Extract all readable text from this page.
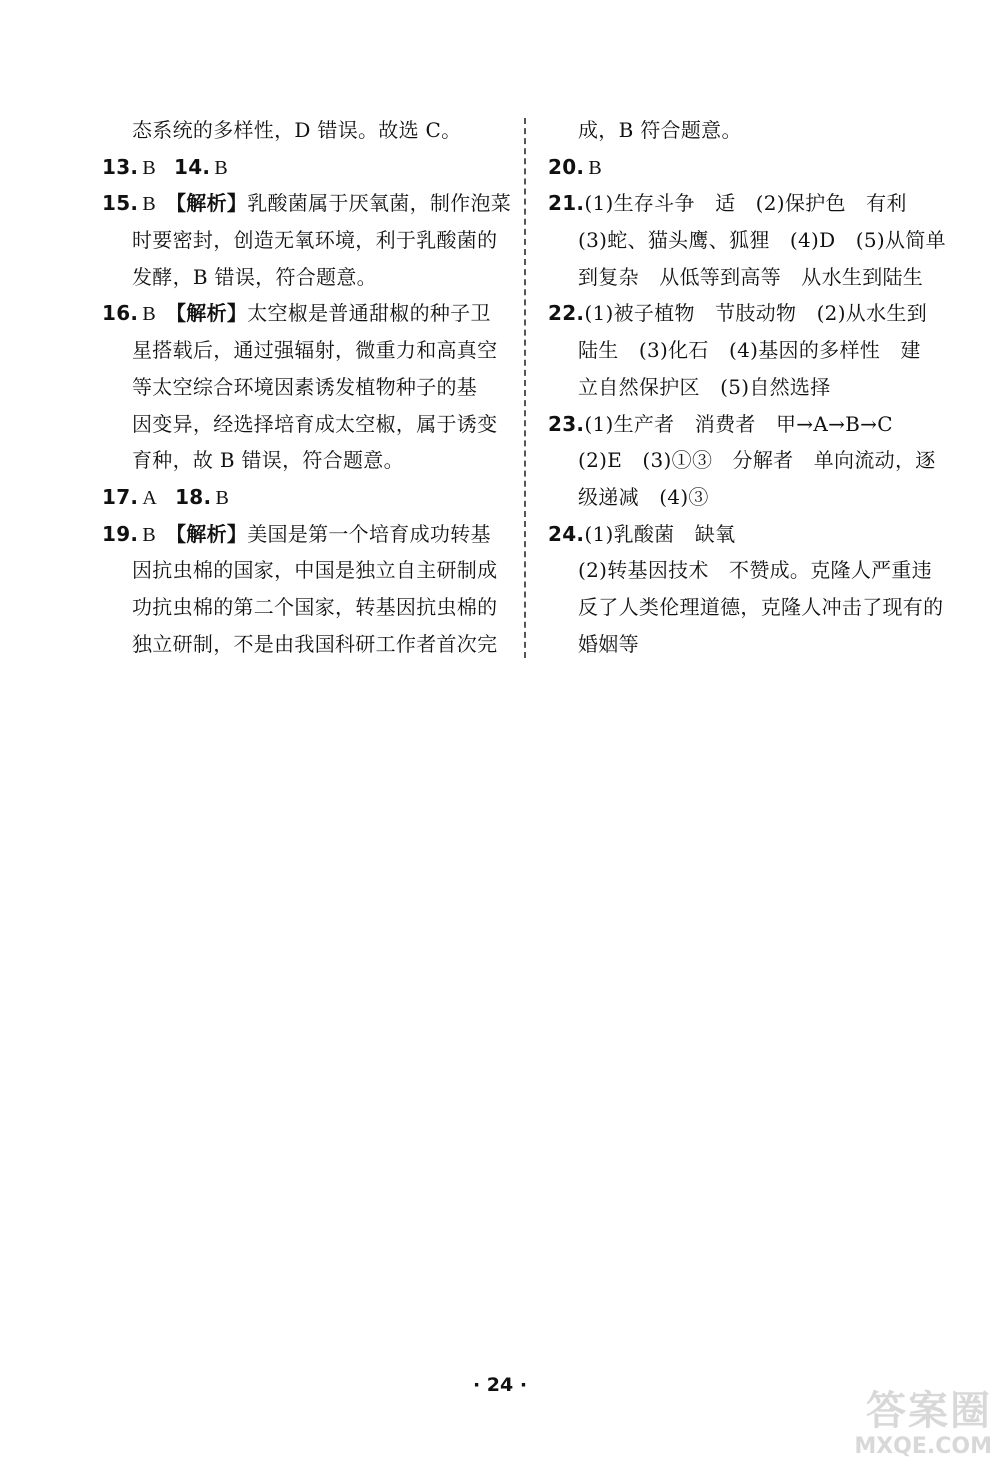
态系统的多样性，D 错误。故选 C。
13. B 14. B
15. B 【解析】乳酸菌属于厌氧菌，制作泡菜
时要密封，创造无氧环境，利于乳酸菌的
发酵，B 错误，符合题意。
16. B 【解析】太空椒是普通甜椒的种子卫
星搭载后，通过强辐射，微重力和高真空
等太空综合环境因素诱发植物种子的基
因变异，经选择培育成太空椒，属于诱变
育种，故 B 错误，符合题意。
17. A 18. B
19. B 【解析】美国是第一个培育成功转基
因抗虫棉的国家，中国是独立自主研制成
功抗虫棉的第二个国家，转基因抗虫棉的
独立研制，不是由我国科研工作者首次完
成，B 符合题意。
20. B
21.(1)生存斗争　适　(2)保护色　有利
(3)蛇、猫头鹰、狐狸　(4)D　(5)从简单
到复杂　从低等到高等　从水生到陆生
22.(1)被子植物　节肢动物　(2)从水生到
陆生　(3)化石　(4)基因的多样性　建
立自然保护区　(5)自然选择
23.(1)生产者　消费者　甲→A→B→C
(2)E　(3)①③　分解者　单向流动，逐
级递减　(4)③
24.(1)乳酸菌　缺氧
(2)转基因技术　不赞成。克隆人严重违
反了人类伦理道德，克隆人冲击了现有的
婚姻等
· 24 ·
答案圈
MXQE.COM
